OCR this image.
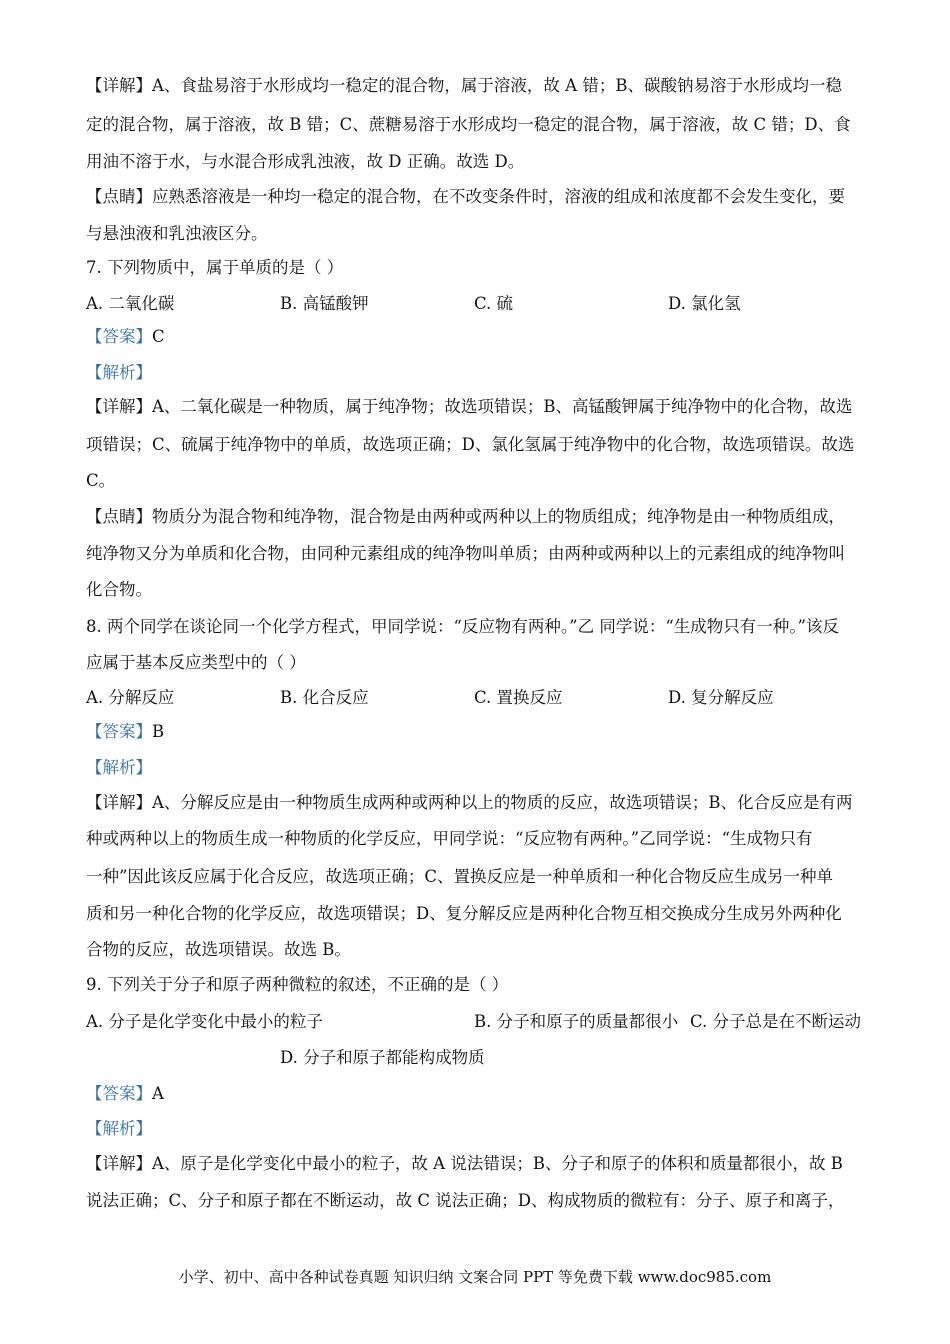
【详解】A、食盐易溶于水形成均一稳定的混合物，属于溶液，故 A 错；B、碳酸钠易溶于水形成均一稳
定的混合物，属于溶液，故 B 错；C、蔗糖易溶于水形成均一稳定的混合物，属于溶液，故 C 错；D、食
用油不溶于水，与水混合形成乳浊液，故 D 正确。故选 D。
【点睛】应熟悉溶液是一种均一稳定的混合物，在不改变条件时，溶液的组成和浓度都不会发生变化，要
与悬浊液和乳浊液区分。
7. 下列物质中，属于单质的是（ ）
A. 二氧化碳	B. 高锰酸钾	C. 硫	D. 氯化氢
【答案】C
【解析】
【详解】A、二氧化碳是一种物质，属于纯净物；故选项错误；B、高锰酸钾属于纯净物中的化合物，故选
项错误；C、硫属于纯净物中的单质，故选项正确；D、氯化氢属于纯净物中的化合物，故选项错误。故选
C。
【点睛】物质分为混合物和纯净物，混合物是由两种或两种以上的物质组成；纯净物是由一种物质组成，
纯净物又分为单质和化合物，由同种元素组成的纯净物叫单质；由两种或两种以上的元素组成的纯净物叫
化合物。
8. 两个同学在谈论同一个化学方程式，甲同学说：“反应物有两种。”乙 同学说：“生成物只有一种。”该反
应属于基本反应类型中的（ ）
A. 分解反应	B. 化合反应	C. 置换反应	D. 复分解反应
【答案】B
【解析】
【详解】A、分解反应是由一种物质生成两种或两种以上的物质的反应，故选项错误；B、化合反应是有两
种或两种以上的物质生成一种物质的化学反应，甲同学说：“反应物有两种。”乙同学说：“生成物只有
一种”因此该反应属于化合反应，故选项正确；C、置换反应是一种单质和一种化合物反应生成另一种单
质和另一种化合物的化学反应，故选项错误；D、复分解反应是两种化合物互相交换成分生成另外两种化
合物的反应，故选项错误。故选 B。
9. 下列关于分子和原子两种微粒的叙述，不正确的是（ ）
A. 分子是化学变化中最小的粒子	B. 分子和原子的质量都很小 C. 分子总是在不断运动
D. 分子和原子都能构成物质
【答案】A
【解析】
【详解】A、原子是化学变化中最小的粒子，故 A 说法错误；B、分子和原子的体积和质量都很小，故 B
说法正确；C、分子和原子都在不断运动，故 C 说法正确；D、构成物质的微粒有：分子、原子和离子，
小学、初中、高中各种试卷真题 知识归纳 文案合同 PPT 等免费下载 www.doc985.com
